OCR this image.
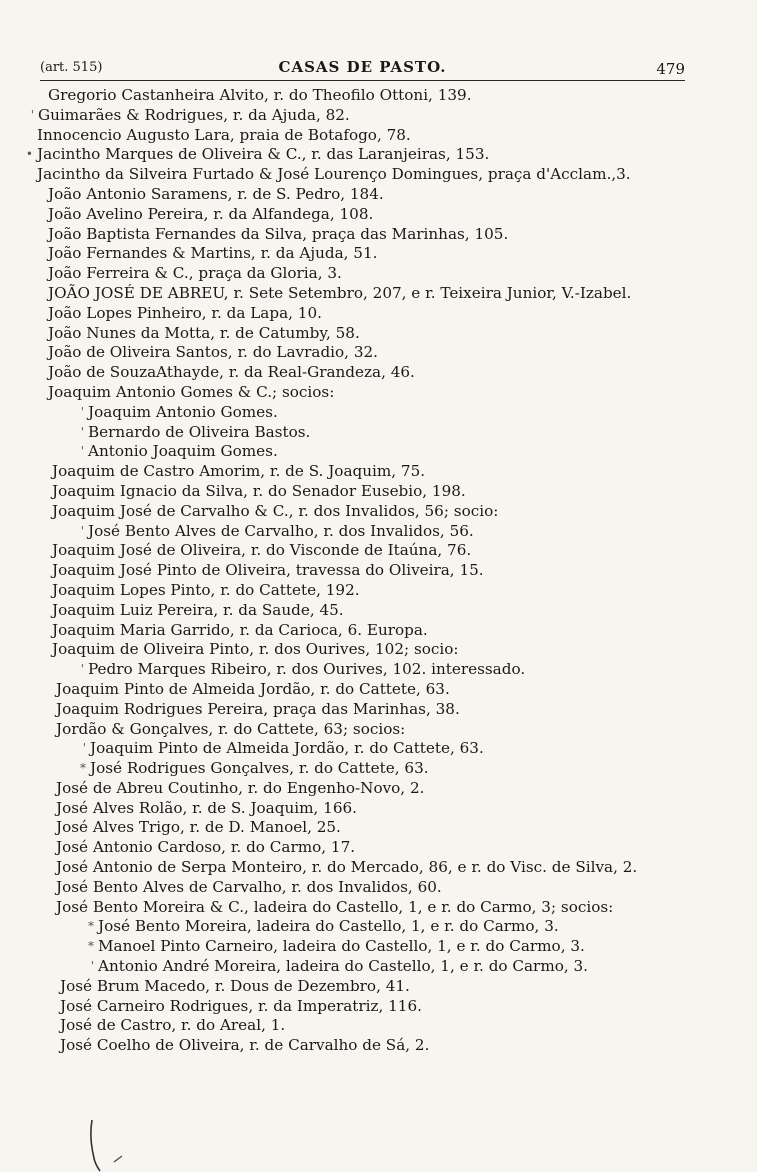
(art. 515)	CASAS DE PASTO.	479
Gregorio Castanheira Alvito, r. do Theofilo Ottoni, 139.
' Guimarães & Rodrigues, r. da Ajuda, 82.
Innocencio Augusto Lara, praia de Botafogo, 78.
• Jacintho Marques de Oliveira & C., r. das Laranjeiras, 153.
Jacintho da Silveira Furtado & José Lourenço Domingues, praça d'Acclam.,3.
João Antonio Saramens, r. de S. Pedro, 184.
João Avelino Pereira, r. da Alfandega, 108.
João Baptista Fernandes da Silva, praça das Marinhas, 105.
João Fernandes & Martins, r. da Ajuda, 51.
João Ferreira & C., praça da Gloria, 3.
JOÃO JOSÉ DE ABREU, r. Sete Setembro, 207, e r. Teixeira Junior, V.-Izabel.
João Lopes Pinheiro, r. da Lapa, 10.
João Nunes da Motta, r. de Catumby, 58.
João de Oliveira Santos, r. do Lavradio, 32.
João de SouzaAthayde, r. da Real-Grandeza, 46.
Joaquim Antonio Gomes & C.; socios:
' Joaquim Antonio Gomes.
' Bernardo de Oliveira Bastos.
' Antonio Joaquim Gomes.
Joaquim de Castro Amorim, r. de S. Joaquim, 75.
Joaquim Ignacio da Silva, r. do Senador Eusebio, 198.
Joaquim José de Carvalho & C., r. dos Invalidos, 56; socio:
' José Bento Alves de Carvalho, r. dos Invalidos, 56.
Joaquim José de Oliveira, r. do Visconde de Itaúna, 76.
Joaquim José Pinto de Oliveira, travessa do Oliveira, 15.
Joaquim Lopes Pinto, r. do Cattete, 192.
Joaquim Luiz Pereira, r. da Saude, 45.
Joaquim Maria Garrido, r. da Carioca, 6. Europa.
Joaquim de Oliveira Pinto, r. dos Ourives, 102; socio:
' Pedro Marques Ribeiro, r. dos Ourives, 102. interessado.
Joaquim Pinto de Almeida Jordão, r. do Cattete, 63.
Joaquim Rodrigues Pereira, praça das Marinhas, 38.
Jordão & Gonçalves, r. do Cattete, 63; socios:
' Joaquim Pinto de Almeida Jordão, r. do Cattete, 63.
* José Rodrigues Gonçalves, r. do Cattete, 63.
José de Abreu Coutinho, r. do Engenho-Novo, 2.
José Alves Rolão, r. de S. Joaquim, 166.
José Alves Trigo, r. de D. Manoel, 25.
José Antonio Cardoso, r. do Carmo, 17.
José Antonio de Serpa Monteiro, r. do Mercado, 86, e r. do Visc. de Silva, 2.
José Bento Alves de Carvalho, r. dos Invalidos, 60.
José Bento Moreira & C., ladeira do Castello, 1, e r. do Carmo, 3; socios:
* José Bento Moreira, ladeira do Castello, 1, e r. do Carmo, 3.
* Manoel Pinto Carneiro, ladeira do Castello, 1, e r. do Carmo, 3.
' Antonio André Moreira, ladeira do Castello, 1, e r. do Carmo, 3.
José Brum Macedo, r. Dous de Dezembro, 41.
José Carneiro Rodrigues, r. da Imperatriz, 116.
José de Castro, r. do Areal, 1.
José Coelho de Oliveira, r. de Carvalho de Sá, 2.
